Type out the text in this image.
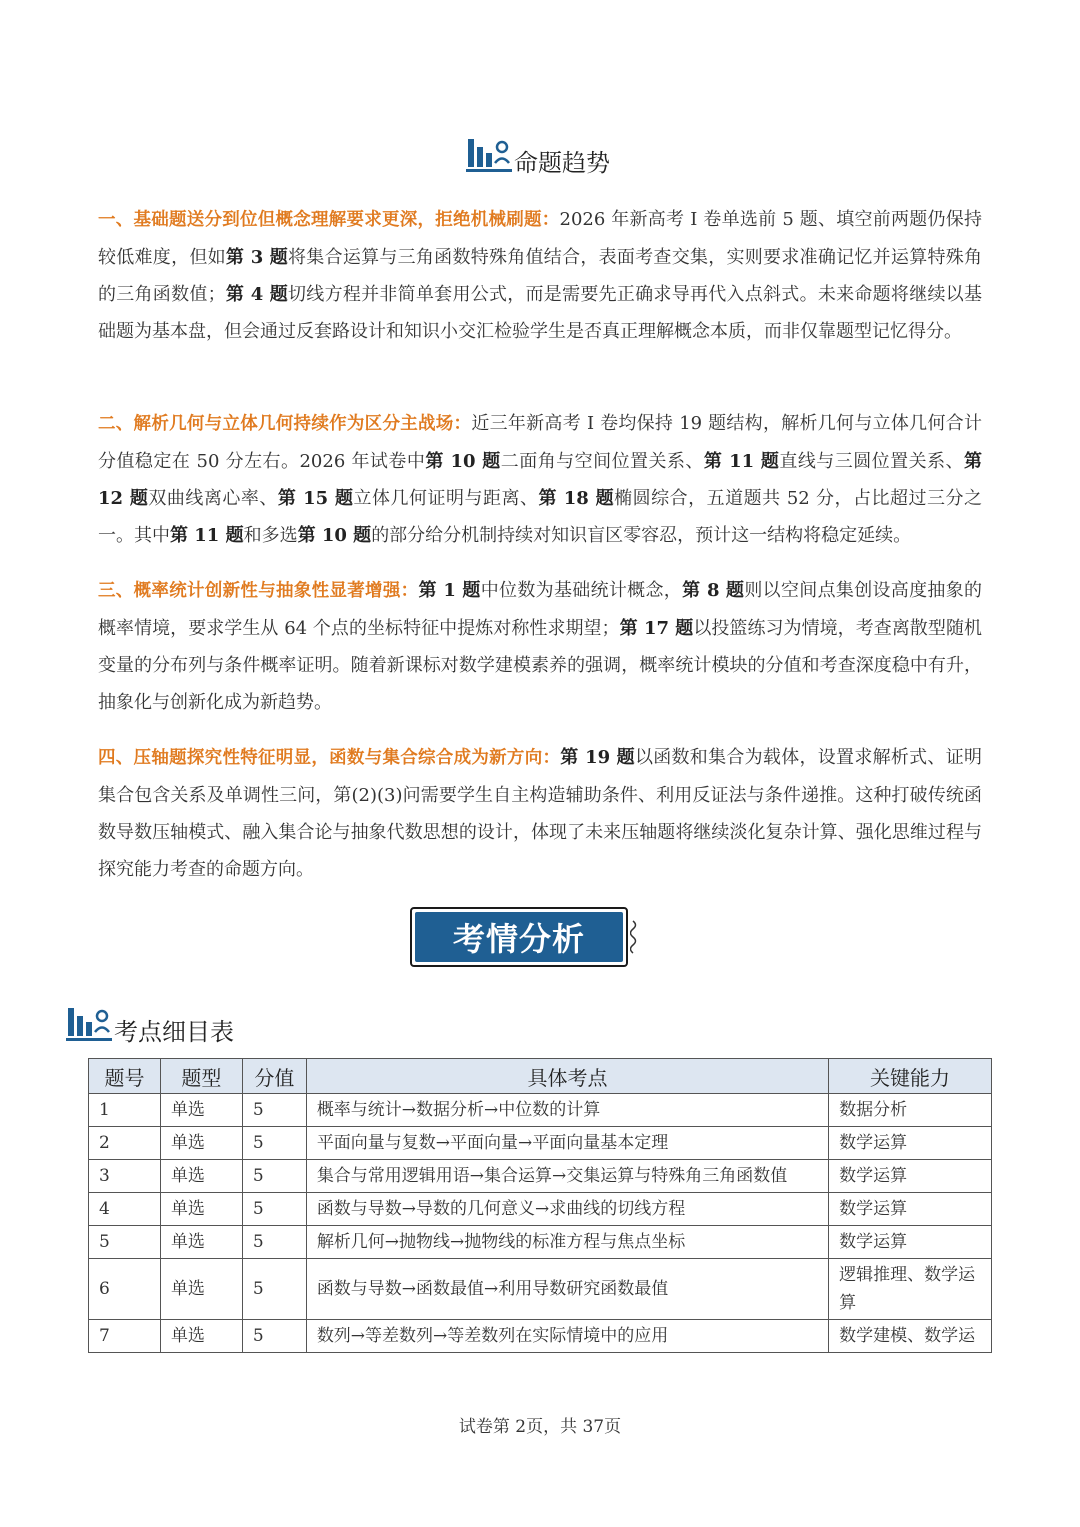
命题趋势

一、基础题送分到位但概念理解要求更深，拒绝机械刷题：2026 年新高考 I 卷单选前 5 题、填空前两题仍保持较低难度，但如第 3 题将集合运算与三角函数特殊角值结合，表面考查交集，实则要求准确记忆并运算特殊角的三角函数值；第 4 题切线方程并非简单套用公式，而是需要先正确求导再代入点斜式。未来命题将继续以基础题为基本盘，但会通过反套路设计和知识小交汇检验学生是否真正理解概念本质，而非仅靠题型记忆得分。

二、解析几何与立体几何持续作为区分主战场：近三年新高考 I 卷均保持 19 题结构，解析几何与立体几何合计分值稳定在 50 分左右。2026 年试卷中第 10 题二面角与空间位置关系、第 11 题直线与三圆位置关系、第 12 题双曲线离心率、第 15 题立体几何证明与距离、第 18 题椭圆综合，五道题共 52 分，占比超过三分之一。其中第 11 题和多选第 10 题的部分给分机制持续对知识盲区零容忍，预计这一结构将稳定延续。

三、概率统计创新性与抽象性显著增强：第 1 题中位数为基础统计概念，第 8 题则以空间点集创设高度抽象的概率情境，要求学生从 64 个点的坐标特征中提炼对称性求期望；第 17 题以投篮练习为情境，考查离散型随机变量的分布列与条件概率证明。随着新课标对数学建模素养的强调，概率统计模块的分值和考查深度稳中有升，抽象化与创新化成为新趋势。

四、压轴题探究性特征明显，函数与集合综合成为新方向：第 19 题以函数和集合为载体，设置求解析式、证明集合包含关系及单调性三问，第(2)(3)问需要学生自主构造辅助条件、利用反证法与条件递推。这种打破传统函数导数压轴模式、融入集合论与抽象代数思想的设计，体现了未来压轴题将继续淡化复杂计算、强化思维过程与探究能力考查的命题方向。

考情分析
考点细目表
题号	题型	分值	具体考点	关键能力
1	单选	5	概率与统计→数据分析→中位数的计算	数据分析
2	单选	5	平面向量与复数→平面向量→平面向量基本定理	数学运算
3	单选	5	集合与常用逻辑用语→集合运算→交集运算与特殊角三角函数值	数学运算
4	单选	5	函数与导数→导数的几何意义→求曲线的切线方程	数学运算
5	单选	5	解析几何→抛物线→抛物线的标准方程与焦点坐标	数学运算
6	单选	5	函数与导数→函数最值→利用导数研究函数最值	逻辑推理、数学运算
7	单选	5	数列→等差数列→等差数列在实际情境中的应用	数学建模、数学运
试卷第 2页，共 37页
